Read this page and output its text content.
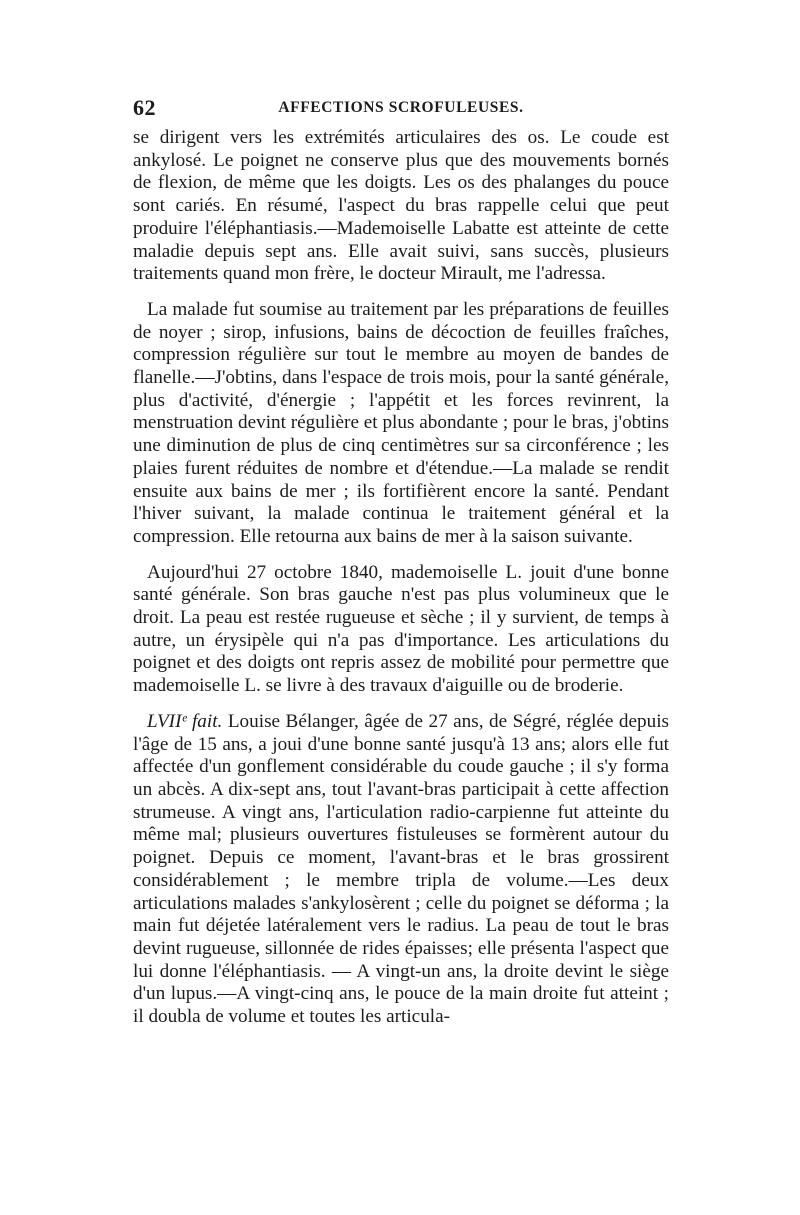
62	AFFECTIONS SCROFULEUSES.

se dirigent vers les extrémités articulaires des os. Le coude est ankylosé. Le poignet ne conserve plus que des mouvements bornés de flexion, de même que les doigts. Les os des phalanges du pouce sont cariés. En résumé, l'aspect du bras rappelle celui que peut produire l'éléphantiasis.—Mademoiselle Labatte est atteinte de cette maladie depuis sept ans. Elle avait suivi, sans succès, plusieurs traitements quand mon frère, le docteur Mirault, me l'adressa.

La malade fut soumise au traitement par les préparations de feuilles de noyer ; sirop, infusions, bains de décoction de feuilles fraîches, compression régulière sur tout le membre au moyen de bandes de flanelle.—J'obtins, dans l'espace de trois mois, pour la santé générale, plus d'activité, d'énergie ; l'appétit et les forces revinrent, la menstruation devint régulière et plus abondante ; pour le bras, j'obtins une diminution de plus de cinq centimètres sur sa circonférence ; les plaies furent réduites de nombre et d'étendue.—La malade se rendit ensuite aux bains de mer ; ils fortifièrent encore la santé. Pendant l'hiver suivant, la malade continua le traitement général et la compression. Elle retourna aux bains de mer à la saison suivante.

Aujourd'hui 27 octobre 1840, mademoiselle L. jouit d'une bonne santé générale. Son bras gauche n'est pas plus volumineux que le droit. La peau est restée rugueuse et sèche ; il y survient, de temps à autre, un érysipèle qui n'a pas d'importance. Les articulations du poignet et des doigts ont repris assez de mobilité pour permettre que mademoiselle L. se livre à des travaux d'aiguille ou de broderie.

LVIIᵉ fait. Louise Bélanger, âgée de 27 ans, de Ségré, réglée depuis l'âge de 15 ans, a joui d'une bonne santé jusqu'à 13 ans; alors elle fut affectée d'un gonflement considérable du coude gauche ; il s'y forma un abcès. A dix-sept ans, tout l'avant-bras participait à cette affection strumeuse. A vingt ans, l'articulation radio-carpienne fut atteinte du même mal; plusieurs ouvertures fistuleuses se formèrent autour du poignet. Depuis ce moment, l'avant-bras et le bras grossirent considérablement ; le membre tripla de volume.—Les deux articulations malades s'ankylosèrent ; celle du poignet se déforma ; la main fut déjetée latéralement vers le radius. La peau de tout le bras devint rugueuse, sillonnée de rides épaisses; elle présenta l'aspect que lui donne l'éléphantiasis. — A vingt-un ans, la droite devint le siège d'un lupus.—A vingt-cinq ans, le pouce de la main droite fut atteint ; il doubla de volume et toutes les articula-
